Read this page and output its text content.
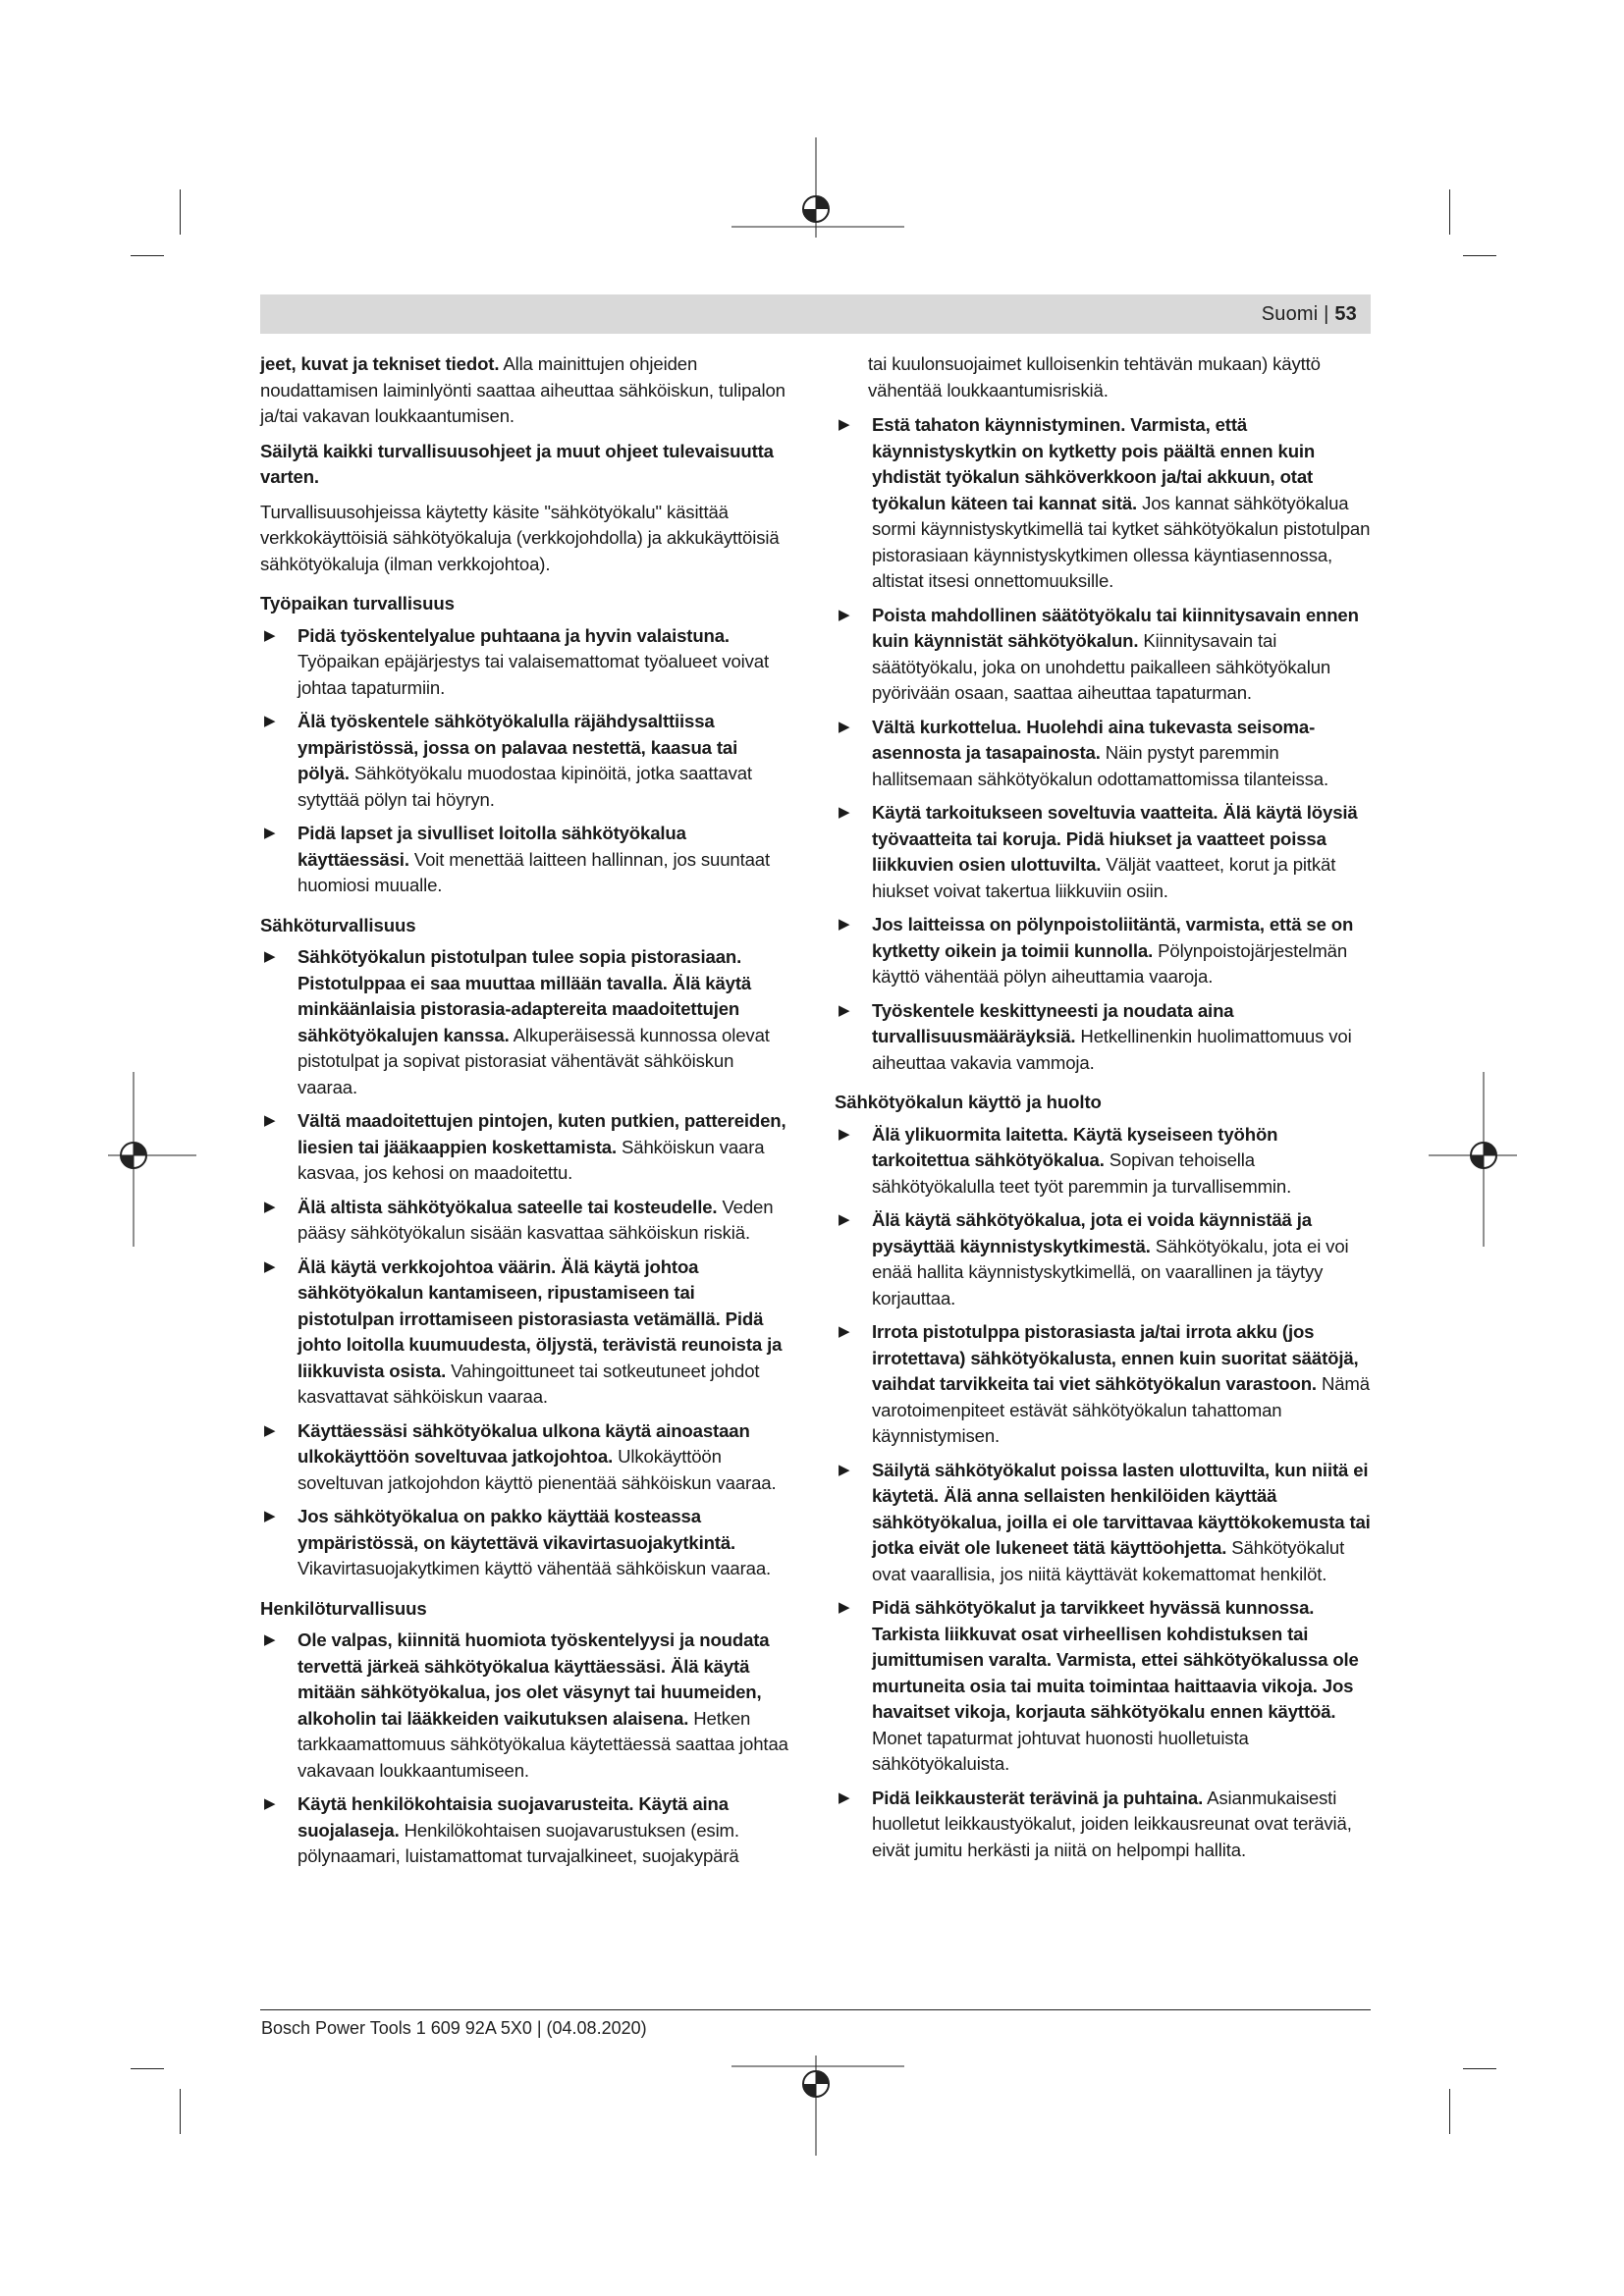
Suomi | 53

jeet, kuvat ja tekniset tiedot. Alla mainittujen ohjeiden noudattamisen laiminlyönti saattaa aiheuttaa sähköiskun, tulipalon ja/tai vakavan loukkaantumisen.

Säilytä kaikki turvallisuusohjeet ja muut ohjeet tulevaisuutta varten.

Turvallisuusohjeissa käytetty käsite "sähkötyökalu" käsittää verkkokäyttöisiä sähkötyökaluja (verkkojohdolla) ja akkukäyttöisiä sähkötyökaluja (ilman verkkojohtoa).

Työpaikan turvallisuus
▶ Pidä työskentelyalue puhtaana ja hyvin valaistuna. Työpaikan epäjärjestys tai valaisemattomat työalueet voivat johtaa tapaturmiin.
▶ Älä työskentele sähkötyökalulla räjähdysalttiissa ympäristössä, jossa on palavaa nestettä, kaasua tai pölyä. Sähkötyökalu muodostaa kipinöitä, jotka saattavat sytyttää pölyn tai höyryn.
▶ Pidä lapset ja sivulliset loitolla sähkötyökalua käyttäessäsi. Voit menettää laitteen hallinnan, jos suuntaat huomiosi muualle.
Sähköturvallisuus
▶ Sähkötyökalun pistotulpan tulee sopia pistorasiaan. Pistotulppaa ei saa muuttaa millään tavalla. Älä käytä minkäänlaisia pistorasia-adaptereita maadoitettujen sähkötyökalujen kanssa. Alkuperäisessä kunnossa olevat pistotulpat ja sopivat pistorasiat vähentävät sähköiskun vaaraa.
▶ Vältä maadoitettujen pintojen, kuten putkien, pattereiden, liesien tai jääkaappien koskettamista. Sähköiskun vaara kasvaa, jos kehosi on maadoitettu.
▶ Älä altista sähkötyökalua sateelle tai kosteudelle. Veden pääsy sähkötyökalun sisään kasvattaa sähköiskun riskiä.
▶ Älä käytä verkkojohtoa väärin. Älä käytä johtoa sähkötyökalun kantamiseen, ripustamiseen tai pistotulpan irrottamiseen pistorasiasta vetämällä. Pidä johto loitolla kuumuudesta, öljystä, terävistä reunoista ja liikkuvista osista. Vahingoittuneet tai sotkeutuneet johdot kasvattavat sähköiskun vaaraa.
▶ Käyttäessäsi sähkötyökalua ulkona käytä ainoastaan ulkokäyttöön soveltuvaa jatkojohtoa. Ulkokäyttöön soveltuvan jatkojohdon käyttö pienentää sähköiskun vaaraa.
▶ Jos sähkötyökalua on pakko käyttää kosteassa ympäristössä, on käytettävä vikavirtasuojakytkintä. Vikavirtasuojakytkimen käyttö vähentää sähköiskun vaaraa.
Henkilöturvallisuus
▶ Ole valpas, kiinnitä huomiota työskentelyysi ja noudata tervettä järkeä sähkötyökalua käyttäessäsi. Älä käytä mitään sähkötyökalua, jos olet väsynyt tai huumeiden, alkoholin tai lääkkeiden vaikutuksen alaisena. Hetken tarkkaamattomuus sähkötyökalua käytettäessä saattaa johtaa vakavaan loukkaantumiseen.
▶ Käytä henkilökohtaisia suojavarusteita. Käytä aina suojalaseja. Henkilökohtaisen suojavarustuksen (esim. pölynaamari, luistamattomat turvajalkineet, suojakypärä

tai kuulonsuojaimet kulloisenkin tehtävän mukaan) käyttö vähentää loukkaantumisriskiä.

▶ Estä tahaton käynnistyminen. Varmista, että käynnistyskytkin on kytketty pois päältä ennen kuin yhdistät työkalun sähköverkkoon ja/tai akkuun, otat työkalun käteen tai kannat sitä. Jos kannat sähkötyökalua sormi käynnistyskytkimellä tai kytket sähkötyökalun pistotulpan pistorasiaan käynnistyskytkimen ollessa käyntiasennossa, altistat itsesi onnettomuuksille.
▶ Poista mahdollinen säätötyökalu tai kiinnitysavain ennen kuin käynnistät sähkötyökalun. Kiinnitysavain tai säätötyökalu, joka on unohdettu paikalleen sähkötyökalun pyörivään osaan, saattaa aiheuttaa tapaturman.
▶ Vältä kurkottelua. Huolehdi aina tukevasta seisoma-asennosta ja tasapainosta. Näin pystyt paremmin hallitsemaan sähkötyökalun odottamattomissa tilanteissa.
▶ Käytä tarkoitukseen soveltuvia vaatteita. Älä käytä löysiä työvaatteita tai koruja. Pidä hiukset ja vaatteet poissa liikkuvien osien ulottuvilta. Väljät vaatteet, korut ja pitkät hiukset voivat takertua liikkuviin osiin.
▶ Jos laitteissa on pölynpoistoliitäntä, varmista, että se on kytketty oikein ja toimii kunnolla. Pölynpoistojärjestelmän käyttö vähentää pölyn aiheuttamia vaaroja.
▶ Työskentele keskittyneesti ja noudata aina turvallisuusmääräyksiä. Hetkellinenkin huolimattomuus voi aiheuttaa vakavia vammoja.
Sähkötyökalun käyttö ja huolto
▶ Älä ylikuormita laitetta. Käytä kyseiseen työhön tarkoitettua sähkötyökalua. Sopivan tehoisella sähkötyökalulla teet työt paremmin ja turvallisemmin.
▶ Älä käytä sähkötyökalua, jota ei voida käynnistää ja pysäyttää käynnistyskytkimestä. Sähkötyökalu, jota ei voi enää hallita käynnistyskytkimellä, on vaarallinen ja täytyy korjauttaa.
▶ Irrota pistotulppa pistorasiasta ja/tai irrota akku (jos irrotettava) sähkötyökalusta, ennen kuin suoritat säätöjä, vaihdat tarvikkeita tai viet sähkötyökalun varastoon. Nämä varotoimenpiteet estävät sähkötyökalun tahattoman käynnistymisen.
▶ Säilytä sähkötyökalut poissa lasten ulottuvilta, kun niitä ei käytetä. Älä anna sellaisten henkilöiden käyttää sähkötyökalua, joilla ei ole tarvittavaa käyttökokemusta tai jotka eivät ole lukeneet tätä käyttöohjetta. Sähkötyökalut ovat vaarallisia, jos niitä käyttävät kokemattomat henkilöt.
▶ Pidä sähkötyökalut ja tarvikkeet hyvässä kunnossa. Tarkista liikkuvat osat virheellisen kohdistuksen tai jumittumisen varalta. Varmista, ettei sähkötyökalussa ole murtuneita osia tai muita toimintaa haittaavia vikoja. Jos havaitset vikoja, korjauta sähkötyökalu ennen käyttöä. Monet tapaturmat johtuvat huonosti huolletuista sähkötyökaluista.
▶ Pidä leikkausterät terävinä ja puhtaina. Asianmukaisesti huolletut leikkaustyökalut, joiden leikkausreunat ovat teräviä, eivät jumitu herkästi ja niitä on helpompi hallita.
Bosch Power Tools 1 609 92A 5X0 | (04.08.2020)
